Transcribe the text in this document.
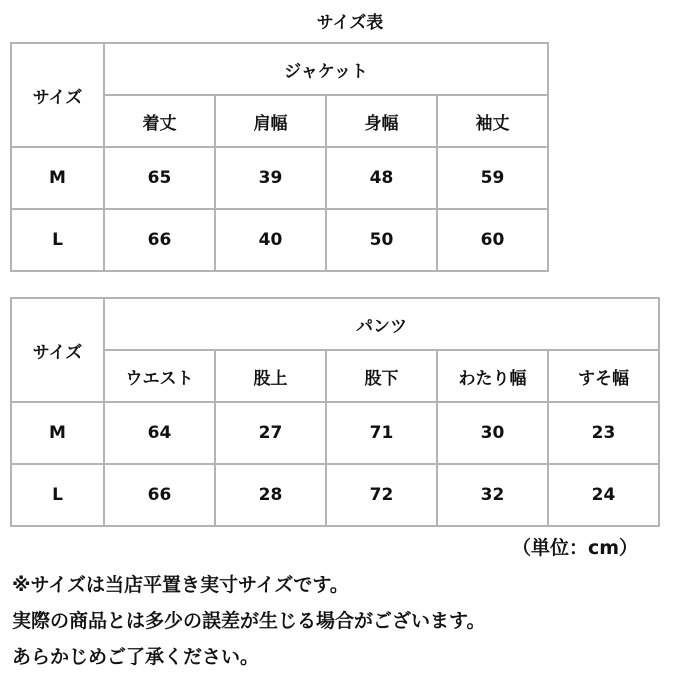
サイズ表
サイズ	ジャケット			
	着丈	肩幅	身幅	袖丈
M	65	39	48	59
L	66	40	50	60
サイズ	パンツ				
	ウエスト	股上	股下	わたり幅	すそ幅
M	64	27	71	30	23
L	66	28	72	32	24
（単位：cm）
※サイズは当店平置き実寸サイズです。
実際の商品とは多少の誤差が生じる場合がございます。
あらかじめご了承ください。
